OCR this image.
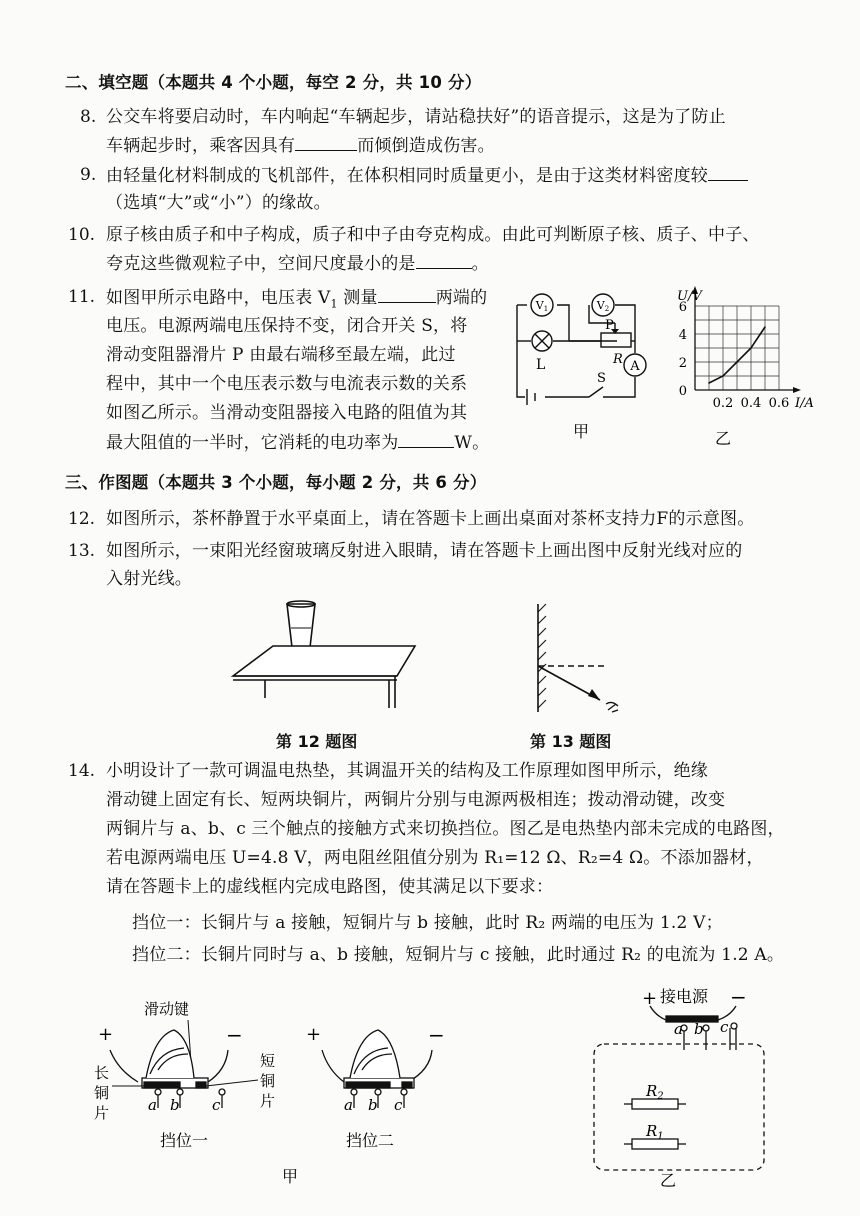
二、填空题（本题共 4 个小题，每空 2 分，共 10 分）
8. 公交车将要启动时，车内响起“车辆起步，请站稳扶好”的语音提示，这是为了防止
车辆起步时，乘客因具有	而倾倒造成伤害。
9. 由轻量化材料制成的飞机部件，在体积相同时质量更小，是由于这类材料密度较
（选填“大”或“小”）的缘故。
10. 原子核由质子和中子构成，质子和中子由夸克构成。由此可判断原子核、质子、中子、
夸克这些微观粒子中，空间尺度最小的是	。
11. 如图甲所示电路中，电压表 $V_1$ 测量	两端的
电压。电源两端电压保持不变，闭合开关 S，将
滑动变阻器滑片 P 由最右端移至最左端，此过
程中，其中一个电压表示数与电流表示数的关系
如图乙所示。当滑动变阻器接入电路的阻值为其
最大阻值的一半时，它消耗的电功率为	W。
V1	V2
A
L
P
R
S
甲
0
2
4
6
0.2 0.4 0.6
U/V
I/A
乙
三、作图题（本题共 3 个小题，每小题 2 分，共 6 分）
12. 如图所示，茶杯静置于水平桌面上，请在答题卡上画出桌面对茶杯支持力F的示意图。
13. 如图所示，一束阳光经窗玻璃反射进入眼睛，请在答题卡上画出图中反射光线对应的
入射光线。
第 12 题图	第 13 题图
14. 小明设计了一款可调温电热垫，其调温开关的结构及工作原理如图甲所示，绝缘
滑动键上固定有长、短两块铜片，两铜片分别与电源两极相连；拨动滑动键，改变
两铜片与 a、b、c 三个触点的接触方式来切换挡位。图乙是电热垫内部未完成的电路图，
若电源两端电压 U=4.8 V，两电阻丝阻值分别为 R₁=12 Ω、R₂=4 Ω。不添加器材，
请在答题卡上的虚线框内完成电路图，使其满足以下要求：
挡位一：长铜片与 a 接触，短铜片与 b 接触，此时 R₂ 两端的电压为 1.2 V；
挡位二：长铜片同时与 a、b 接触，短铜片与 c 接触，此时通过 R₂ 的电流为 1.2 A。
滑动键
+	−
长
铜
片
短
铜
片
a b c
挡位一
+	−
a b c
挡位二
甲
+ 接电源 −
a b c
$R_2$
$R_1$
乙
